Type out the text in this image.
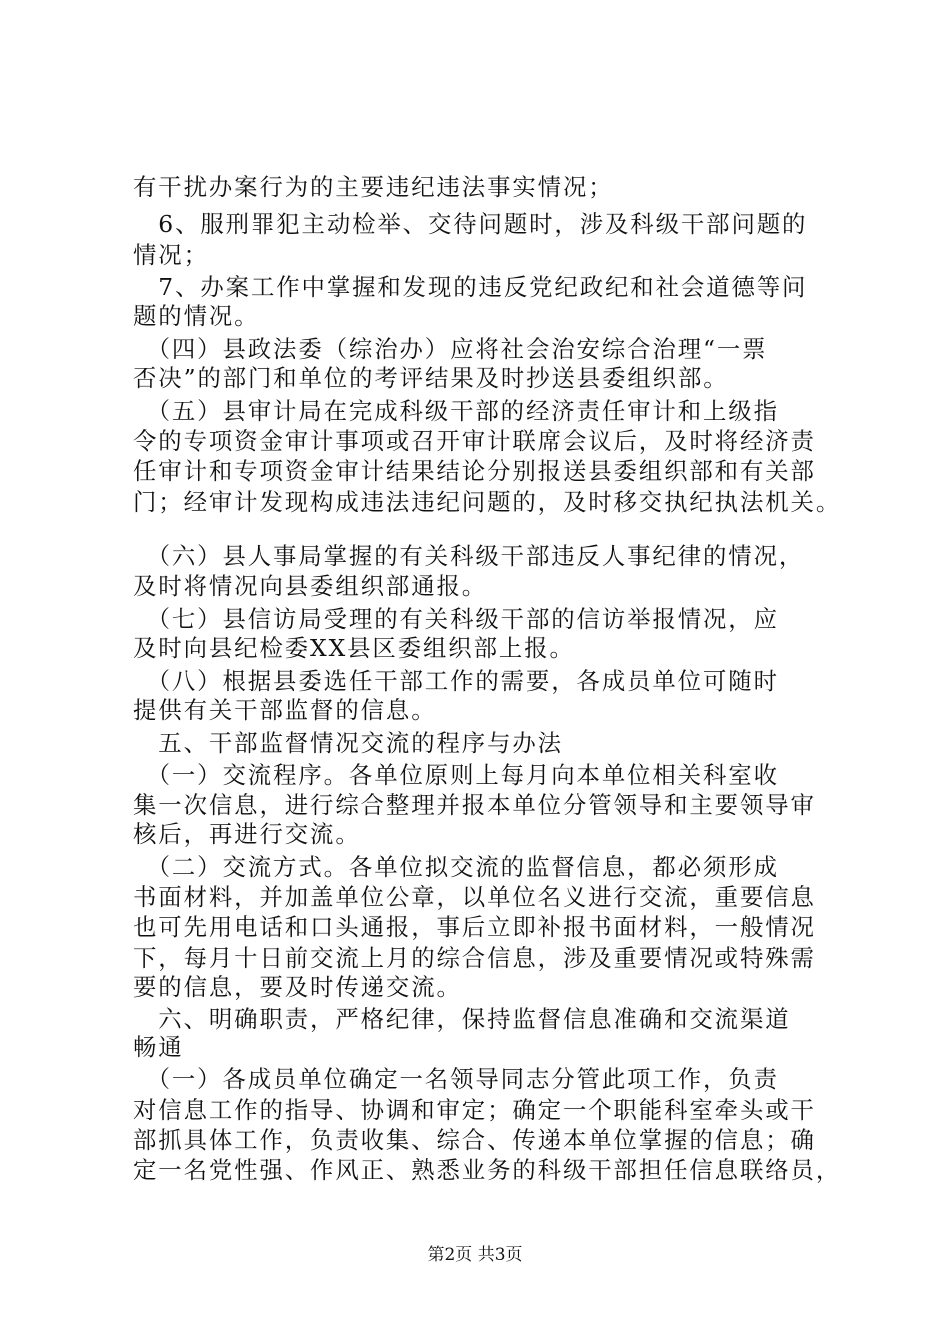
有干扰办案行为的主要违纪违法事实情况；
　6、服刑罪犯主动检举、交待问题时，涉及科级干部问题的
情况；
　7、办案工作中掌握和发现的违反党纪政纪和社会道德等问
题的情况。
　（四）县政法委（综治办）应将社会治安综合治理“一票
否决”的部门和单位的考评结果及时抄送县委组织部。
　（五）县审计局在完成科级干部的经济责任审计和上级指
令的专项资金审计事项或召开审计联席会议后，及时将经济责
任审计和专项资金审计结果结论分别报送县委组织部和有关部
门；经审计发现构成违法违纪问题的，及时移交执纪执法机关。
　（六）县人事局掌握的有关科级干部违反人事纪律的情况，
及时将情况向县委组织部通报。
　（七）县信访局受理的有关科级干部的信访举报情况，应
及时向县纪检委XX县区委组织部上报。
　（八）根据县委选任干部工作的需要，各成员单位可随时
提供有关干部监督的信息。
　五、干部监督情况交流的程序与办法
　（一）交流程序。各单位原则上每月向本单位相关科室收
集一次信息，进行综合整理并报本单位分管领导和主要领导审
核后，再进行交流。
　（二）交流方式。各单位拟交流的监督信息，都必须形成
书面材料，并加盖单位公章，以单位名义进行交流，重要信息
也可先用电话和口头通报，事后立即补报书面材料，一般情况
下，每月十日前交流上月的综合信息，涉及重要情况或特殊需
要的信息，要及时传递交流。
　六、明确职责，严格纪律，保持监督信息准确和交流渠道
畅通
　（一）各成员单位确定一名领导同志分管此项工作，负责
对信息工作的指导、协调和审定；确定一个职能科室牵头或干
部抓具体工作，负责收集、综合、传递本单位掌握的信息；确
定一名党性强、作风正、熟悉业务的科级干部担任信息联络员，
第2页 共3页
